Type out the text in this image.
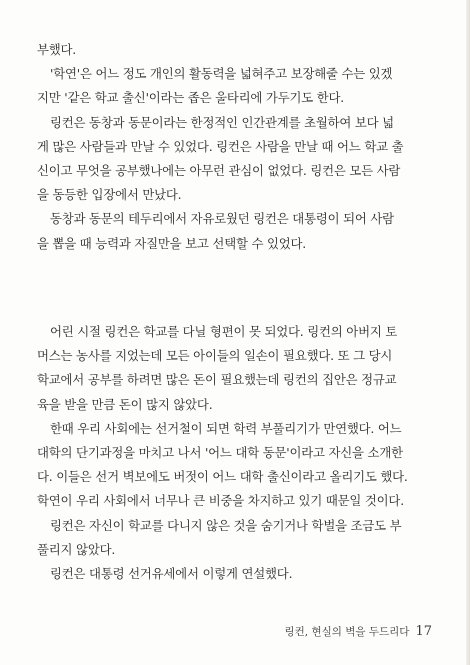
부했다.
'학연'은 어느 정도 개인의 활동력을 넓혀주고 보장해줄 수는 있겠
지만 '같은 학교 출신'이라는 좁은 울타리에 가두기도 한다.
링컨은 동창과 동문이라는 한정적인 인간관계를 초월하여 보다 넓
게 많은 사람들과 만날 수 있었다. 링컨은 사람을 만날 때 어느 학교 출
신이고 무엇을 공부했나에는 아무런 관심이 없었다. 링컨은 모든 사람
을 동등한 입장에서 만났다.
동창과 동문의 테두리에서 자유로웠던 링컨은 대통령이 되어 사람
을 뽑을 때 능력과 자질만을 보고 선택할 수 있었다.
어린 시절 링컨은 학교를 다닐 형편이 못 되었다. 링컨의 아버지 토
머스는 농사를 지었는데 모든 아이들의 일손이 필요했다. 또 그 당시
학교에서 공부를 하려면 많은 돈이 필요했는데 링컨의 집안은 정규교
육을 받을 만큼 돈이 많지 않았다.
한때 우리 사회에는 선거철이 되면 학력 부풀리기가 만연했다. 어느
대학의 단기과정을 마치고 나서 '어느 대학 동문'이라고 자신을 소개한
다. 이들은 선거 벽보에도 버젓이 어느 대학 출신이라고 올리기도 했다.
학연이 우리 사회에서 너무나 큰 비중을 차지하고 있기 때문일 것이다.
링컨은 자신이 학교를 다니지 않은 것을 숨기거나 학벌을 조금도 부
풀리지 않았다.
링컨은 대통령 선거유세에서 이렇게 연설했다.
링컨, 현실의 벽을 두드리다 17
